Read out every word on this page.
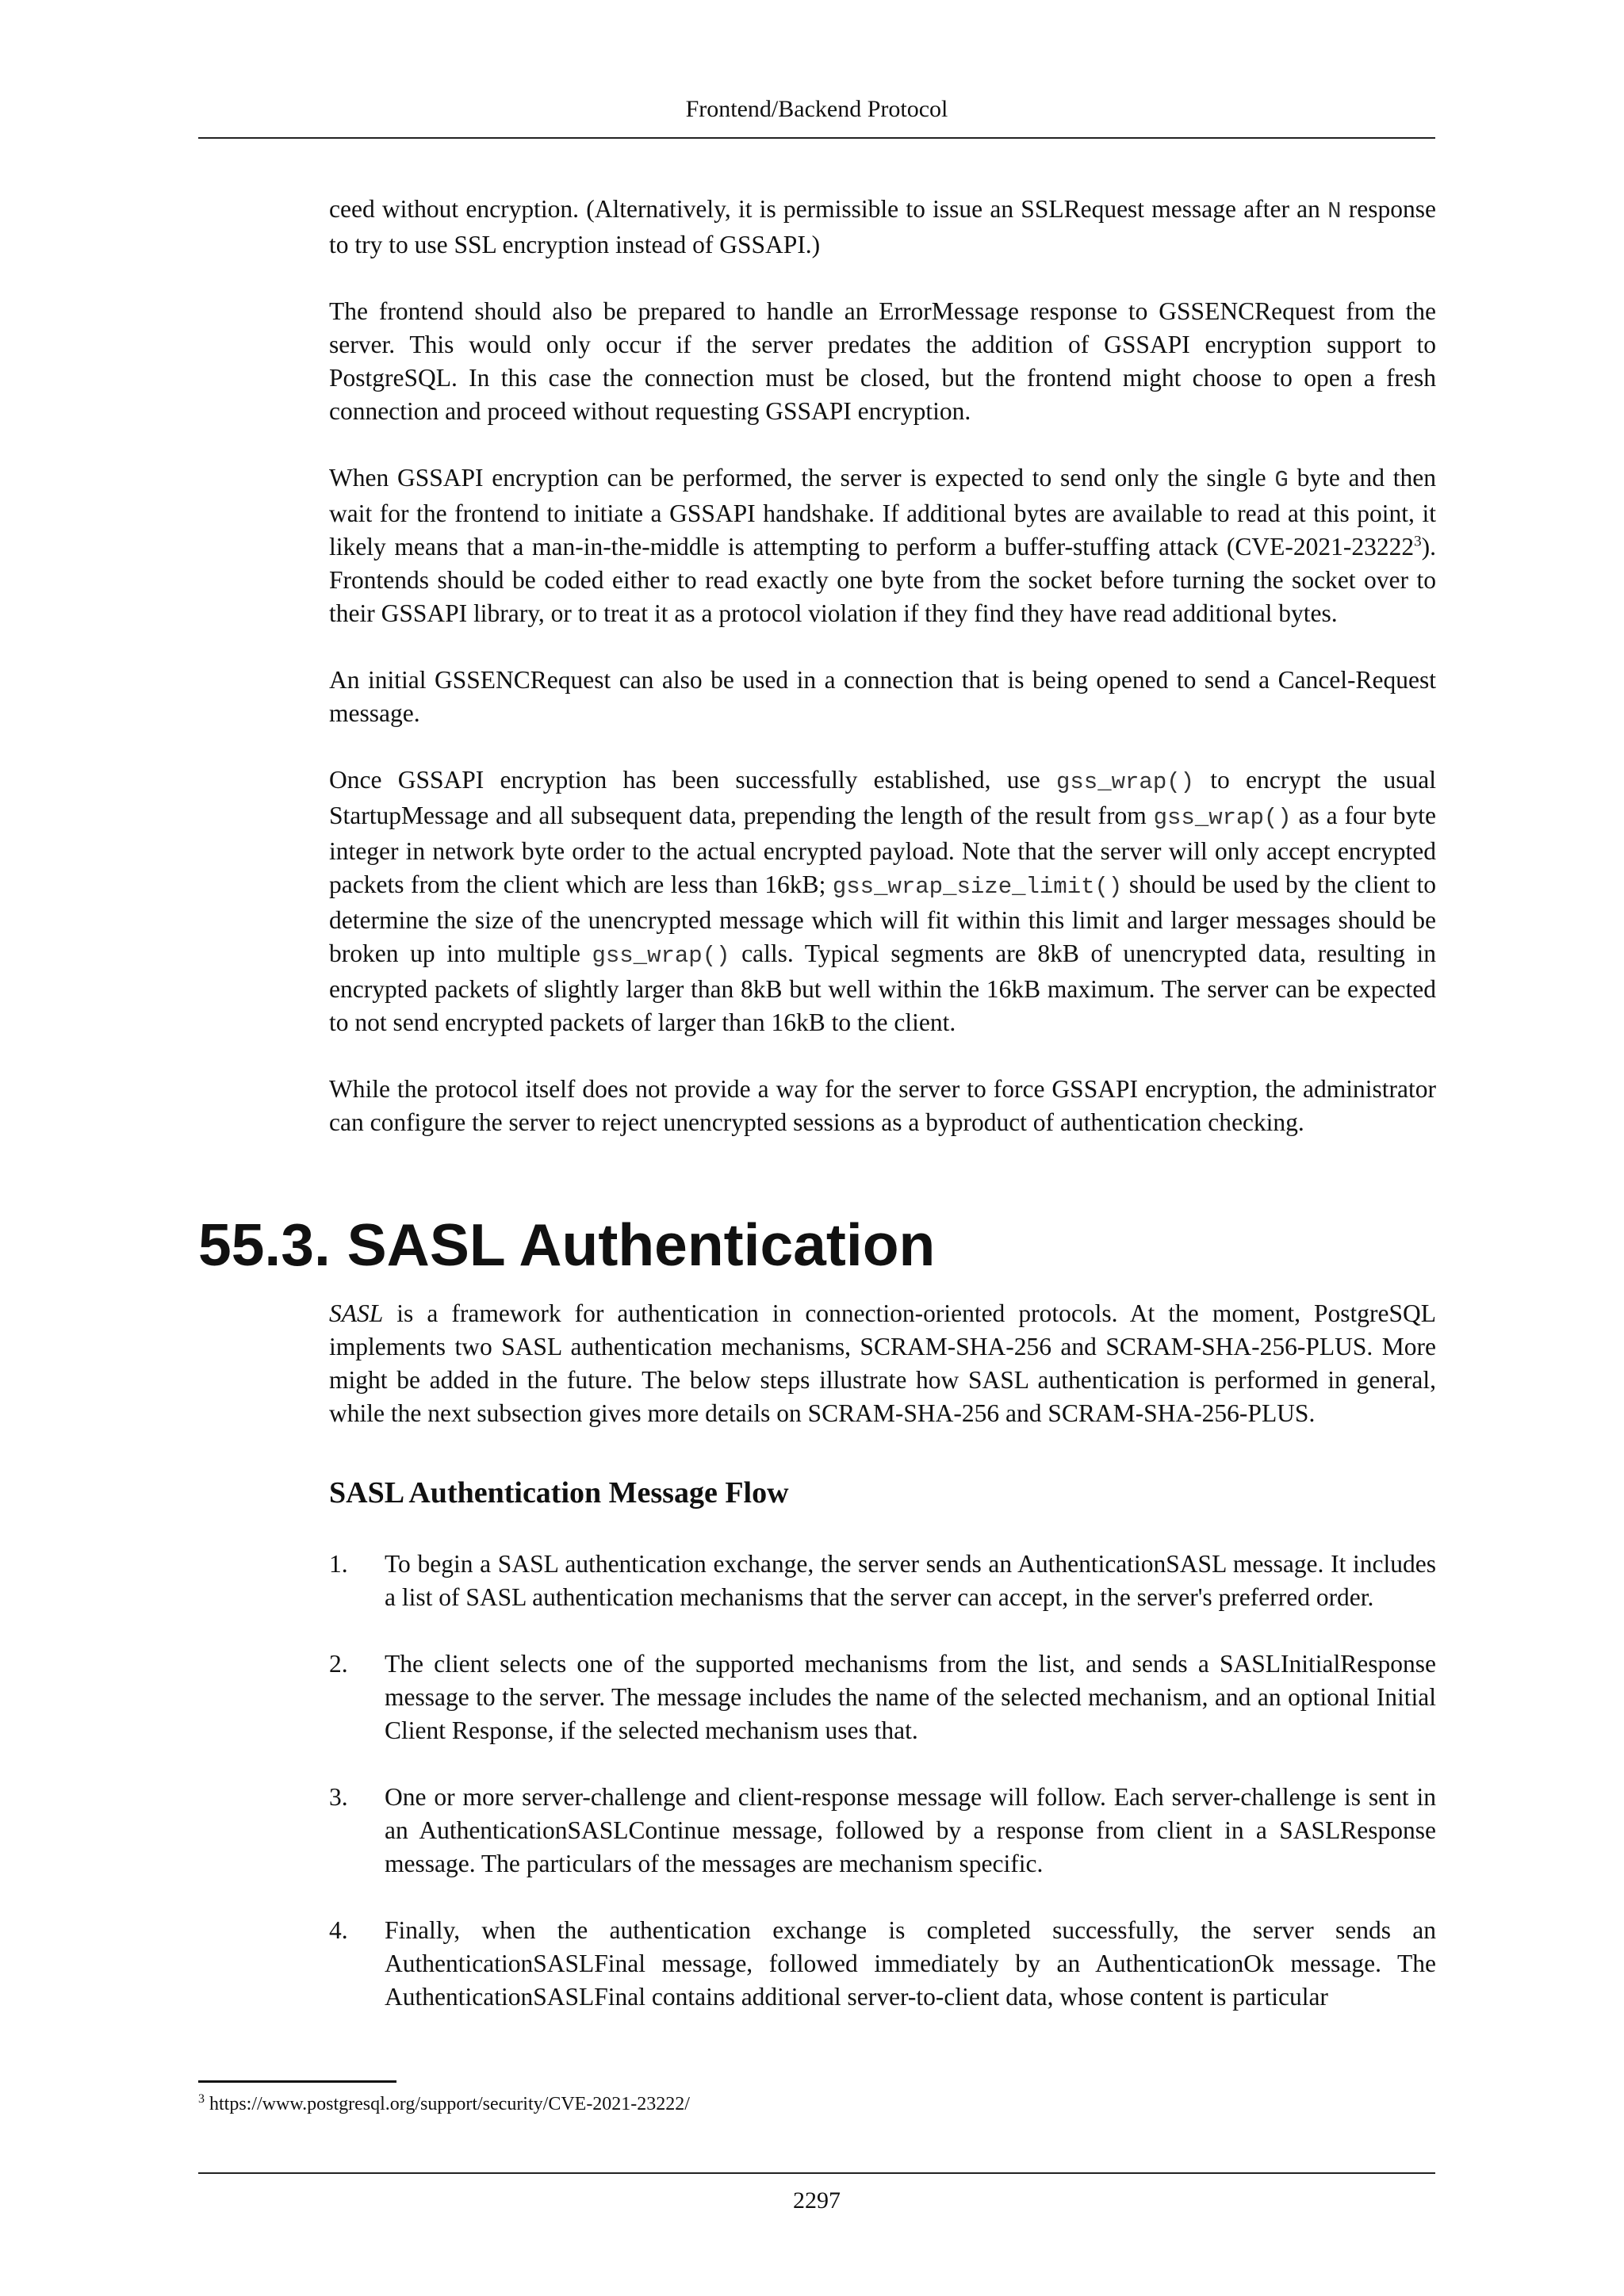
Frontend/Backend Protocol

ceed without encryption. (Alternatively, it is permissible to issue an SSLRequest message after an N response to try to use SSL encryption instead of GSSAPI.)

The frontend should also be prepared to handle an ErrorMessage response to GSSENCRequest from the server. This would only occur if the server predates the addition of GSSAPI encryption support to PostgreSQL. In this case the connection must be closed, but the frontend might choose to open a fresh connection and proceed without requesting GSSAPI encryption.

When GSSAPI encryption can be performed, the server is expected to send only the single G byte and then wait for the frontend to initiate a GSSAPI handshake. If additional bytes are available to read at this point, it likely means that a man-in-the-middle is attempting to perform a buffer-stuffing attack (CVE-2021-23222$^3$). Frontends should be coded either to read exactly one byte from the socket before turning the socket over to their GSSAPI library, or to treat it as a protocol violation if they find they have read additional bytes.

An initial GSSENCRequest can also be used in a connection that is being opened to send a Cancel-Request message.

Once GSSAPI encryption has been successfully established, use gss_wrap() to encrypt the usual StartupMessage and all subsequent data, prepending the length of the result from gss_wrap() as a four byte integer in network byte order to the actual encrypted payload. Note that the server will only accept encrypted packets from the client which are less than 16kB; gss_wrap_size_limit() should be used by the client to determine the size of the unencrypted message which will fit within this limit and larger messages should be broken up into multiple gss_wrap() calls. Typical segments are 8kB of unencrypted data, resulting in encrypted packets of slightly larger than 8kB but well within the 16kB maximum. The server can be expected to not send encrypted packets of larger than 16kB to the client.

While the protocol itself does not provide a way for the server to force GSSAPI encryption, the administrator can configure the server to reject unencrypted sessions as a byproduct of authentication checking.

55.3. SASL Authentication

SASL is a framework for authentication in connection-oriented protocols. At the moment, PostgreSQL implements two SASL authentication mechanisms, SCRAM-SHA-256 and SCRAM-SHA-256-PLUS. More might be added in the future. The below steps illustrate how SASL authentication is performed in general, while the next subsection gives more details on SCRAM-SHA-256 and SCRAM-SHA-256-PLUS.

SASL Authentication Message Flow
1.	To begin a SASL authentication exchange, the server sends an AuthenticationSASL message. It includes a list of SASL authentication mechanisms that the server can accept, in the server's preferred order.
2.	The client selects one of the supported mechanisms from the list, and sends a SASLInitialResponse message to the server. The message includes the name of the selected mechanism, and an optional Initial Client Response, if the selected mechanism uses that.
3.	One or more server-challenge and client-response message will follow. Each server-challenge is sent in an AuthenticationSASLContinue message, followed by a response from client in a SASLResponse message. The particulars of the messages are mechanism specific.
4.	Finally, when the authentication exchange is completed successfully, the server sends an AuthenticationSASLFinal message, followed immediately by an AuthenticationOk message. The AuthenticationSASLFinal contains additional server-to-client data, whose content is particular
$^3$ https://www.postgresql.org/support/security/CVE-2021-23222/
2297
